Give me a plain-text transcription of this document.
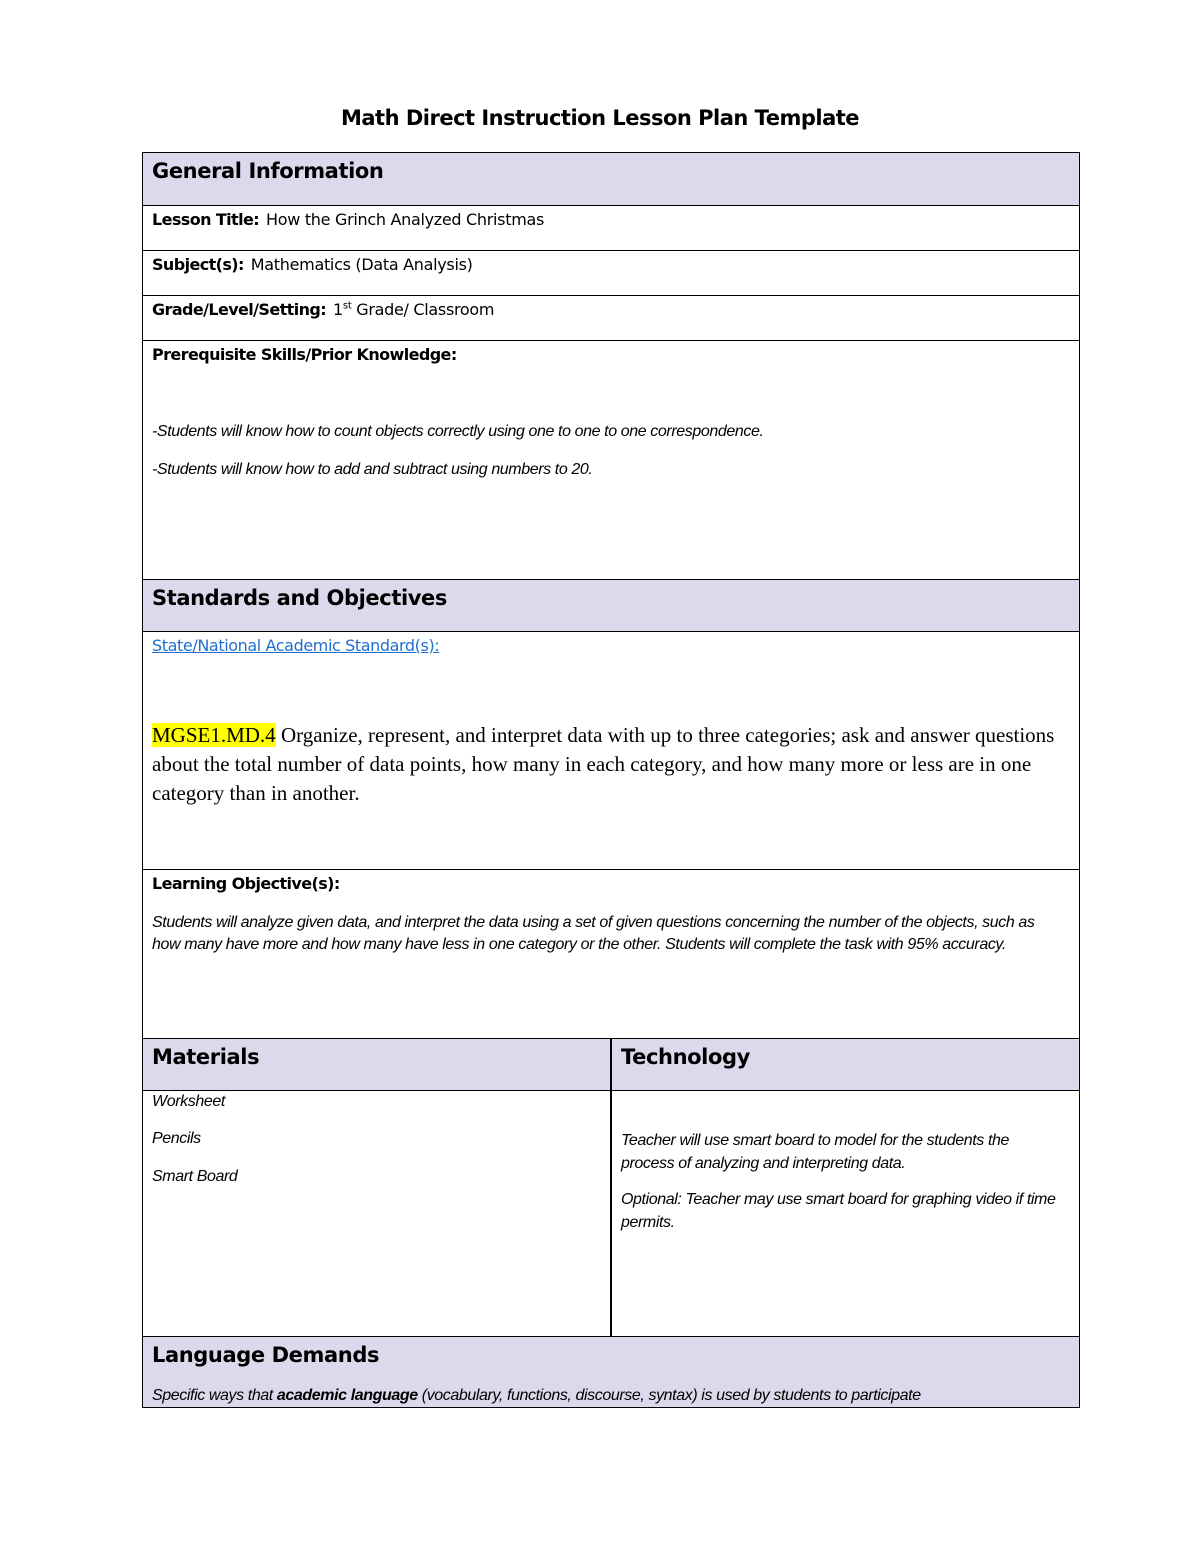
Math Direct Instruction Lesson Plan Template
General Information
Lesson Title: How the Grinch Analyzed Christmas
Subject(s): Mathematics (Data Analysis)
Grade/Level/Setting: 1st Grade/ Classroom
Prerequisite Skills/Prior Knowledge:
-Students will know how to count objects correctly using one to one to one correspondence.
-Students will know how to add and subtract using numbers to 20.
Standards and Objectives
State/National Academic Standard(s):
MGSE1.MD.4 Organize, represent, and interpret data with up to three categories; ask and answer questions about the total number of data points, how many in each category, and how many more or less are in one category than in another.
Learning Objective(s):
Students will analyze given data, and interpret the data using a set of given questions concerning the number of the objects, such as how many have more and how many have less in one category or the other. Students will complete the task with 95% accuracy.
Materials	Technology
Worksheet
Pencils
Smart Board
Teacher will use smart board to model for the students the process of analyzing and interpreting data.
Optional: Teacher may use smart board for graphing video if time permits.
Language Demands
Specific ways that academic language (vocabulary, functions, discourse, syntax) is used by students to participate
